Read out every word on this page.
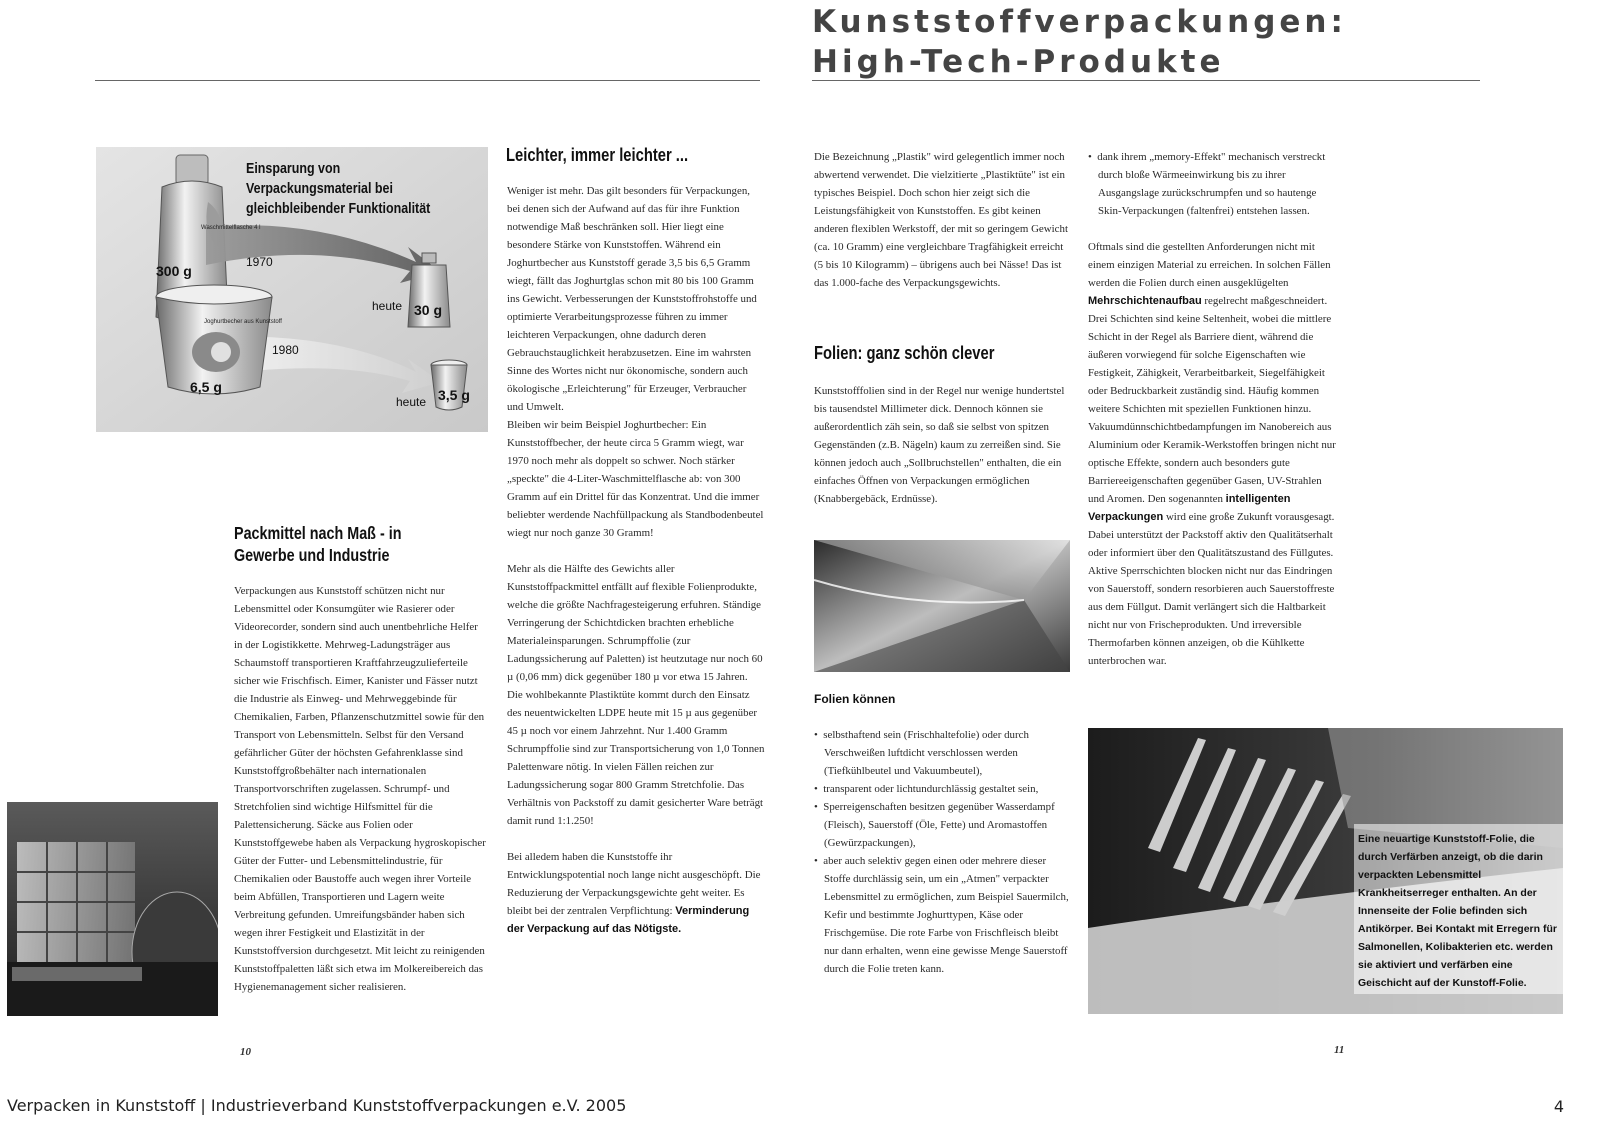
Kunststoffverpackungen:
High-Tech-Produkte
Einsparung von Verpackungsmaterial bei gleichbleibender Funktionalität
Waschmittelflasche 4 l
300 g
1970
heute 30 g
Joghurtbecher aus Kunststoff
1980
6,5 g
heute 3,5 g
Packmittel nach Maß - in Gewerbe und Industrie

Verpackungen aus Kunststoff schützen nicht nur Lebensmittel oder Konsumgüter wie Rasierer oder Videorecorder, sondern sind auch unentbehrliche Helfer in der Logistikkette. Mehrweg-Ladungsträger aus Schaumstoff transportieren Kraftfahrzeugzulieferteile sicher wie Frischfisch. Eimer, Kanister und Fässer nutzt die Industrie als Einweg- und Mehrweggebinde für Chemikalien, Farben, Pflanzenschutzmittel sowie für den Transport von Lebensmitteln. Selbst für den Versand gefährlicher Güter der höchsten Gefahrenklasse sind Kunststoffgroßbehälter nach internationalen Transportvorschriften zugelassen. Schrumpf- und Stretchfolien sind wichtige Hilfsmittel für die Palettensicherung. Säcke aus Folien oder Kunststoffgewebe haben als Verpackung hygroskopischer Güter der Futter- und Lebensmittelindustrie, für Chemikalien oder Baustoffe auch wegen ihrer Vorteile beim Abfüllen, Transportieren und Lagern weite Verbreitung gefunden. Umreifungsbänder haben sich wegen ihrer Festigkeit und Elastizität in der Kunststoffversion durchgesetzt. Mit leicht zu reinigenden Kunststoffpaletten läßt sich etwa im Molkereibereich das Hygienemanagement sicher realisieren.

Leichter, immer leichter ...

Weniger ist mehr. Das gilt besonders für Verpackungen, bei denen sich der Aufwand auf das für ihre Funktion notwendige Maß beschränken soll. Hier liegt eine besondere Stärke von Kunststoffen. Während ein Joghurtbecher aus Kunststoff gerade 3,5 bis 6,5 Gramm wiegt, fällt das Joghurtglas schon mit 80 bis 100 Gramm ins Gewicht. Verbesserungen der Kunststoffrohstoffe und optimierte Verarbeitungsprozesse führen zu immer leichteren Verpackungen, ohne dadurch deren Gebrauchstauglichkeit herabzusetzen. Eine im wahrsten Sinne des Wortes nicht nur ökonomische, sondern auch ökologische „Erleichterung" für Erzeuger, Verbraucher und Umwelt.

Bleiben wir beim Beispiel Joghurtbecher: Ein Kunststoffbecher, der heute circa 5 Gramm wiegt, war 1970 noch mehr als doppelt so schwer. Noch stärker „speckte" die 4-Liter-Waschmittelflasche ab: von 300 Gramm auf ein Drittel für das Konzentrat. Und die immer beliebter werdende Nachfüllpackung als Standbodenbeutel wiegt nur noch ganze 30 Gramm!

Mehr als die Hälfte des Gewichts aller Kunststoffpackmittel entfällt auf flexible Folienprodukte, welche die größte Nachfragesteigerung erfuhren. Ständige Verringerung der Schichtdicken brachten erhebliche Materialeinsparungen. Schrumpffolie (zur Ladungssicherung auf Paletten) ist heutzutage nur noch 60 µ (0,06 mm) dick gegenüber 180 µ vor etwa 15 Jahren. Die wohlbekannte Plastiktüte kommt durch den Einsatz des neuentwickelten LDPE heute mit 15 µ aus gegenüber 45 µ noch vor einem Jahrzehnt. Nur 1.400 Gramm Schrumpffolie sind zur Transportsicherung von 1,0 Tonnen Palettenware nötig. In vielen Fällen reichen zur Ladungssicherung sogar 800 Gramm Stretchfolie. Das Verhältnis von Packstoff zu damit gesicherter Ware beträgt damit rund 1:1.250!

Bei alledem haben die Kunststoffe ihr Entwicklungspotential noch lange nicht ausgeschöpft. Die Reduzierung der Verpackungsgewichte geht weiter. Es bleibt bei der zentralen Verpflichtung: Verminderung der Verpackung auf das Nötigste.

Die Bezeichnung „Plastik" wird gelegentlich immer noch abwertend verwendet. Die vielzitierte „Plastiktüte" ist ein typisches Beispiel. Doch schon hier zeigt sich die Leistungsfähigkeit von Kunststoffen. Es gibt keinen anderen flexiblen Werkstoff, der mit so geringem Gewicht (ca. 10 Gramm) eine vergleichbare Tragfähigkeit erreicht (5 bis 10 Kilogramm) – übrigens auch bei Nässe! Das ist das 1.000-fache des Verpackungsgewichts.

Folien: ganz schön clever

Kunststofffolien sind in der Regel nur wenige hundertstel bis tausendstel Millimeter dick. Dennoch können sie außerordentlich zäh sein, so daß sie selbst von spitzen Gegenständen (z.B. Nägeln) kaum zu zerreißen sind. Sie können jedoch auch „Sollbruchstellen" enthalten, die ein einfaches Öffnen von Verpackungen ermöglichen (Knabbergebäck, Erdnüsse).

Folien können
•  selbsthaftend sein (Frischhaltefolie) oder durch Verschweißen luftdicht verschlossen werden (Tiefkühlbeutel und Vakuumbeutel),
•  transparent oder lichtundurchlässig gestaltet sein,
•  Sperreigenschaften besitzen gegenüber Wasserdampf (Fleisch), Sauerstoff (Öle, Fette) und Aromastoffen (Gewürzpackungen),
•  aber auch selektiv gegen einen oder mehrere dieser Stoffe durchlässig sein, um ein „Atmen" verpackter Lebensmittel zu ermöglichen, zum Beispiel Sauermilch, Kefir und bestimmte Joghurttypen, Käse oder Frischgemüse. Die rote Farbe von Frischfleisch bleibt nur dann erhalten, wenn eine gewisse Menge Sauerstoff durch die Folie treten kann.
•  dank ihrem „memory-Effekt" mechanisch verstreckt durch bloße Wärmeeinwirkung bis zu ihrer Ausgangslage zurückschrumpfen und so hautenge Skin-Verpackungen (faltenfrei) entstehen lassen.

Oftmals sind die gestellten Anforderungen nicht mit einem einzigen Material zu erreichen. In solchen Fällen werden die Folien durch einen ausgeklügelten Mehrschichtenaufbau regelrecht maßgeschneidert. Drei Schichten sind keine Seltenheit, wobei die mittlere Schicht in der Regel als Barriere dient, während die äußeren vorwiegend für solche Eigenschaften wie Festigkeit, Zähigkeit, Verarbeitbarkeit, Siegelfähigkeit oder Bedruckbarkeit zuständig sind. Häufig kommen weitere Schichten mit speziellen Funktionen hinzu. Vakuumdünnschichtbedampfungen im Nanobereich aus Aluminium oder Keramik-Werkstoffen bringen nicht nur optische Effekte, sondern auch besonders gute Barriereeigenschaften gegenüber Gasen, UV-Strahlen und Aromen. Den sogenannten intelligenten Verpackungen wird eine große Zukunft vorausgesagt. Dabei unterstützt der Packstoff aktiv den Qualitätserhalt oder informiert über den Qualitätszustand des Füllgutes. Aktive Sperrschichten blocken nicht nur das Eindringen von Sauerstoff, sondern resorbieren auch Sauerstoffreste aus dem Füllgut. Damit verlängert sich die Haltbarkeit nicht nur von Frischeprodukten. Und irreversible Thermofarben können anzeigen, ob die Kühlkette unterbrochen war.

Eine neuartige Kunststoff-Folie, die durch Verfärben anzeigt, ob die darin verpackten Lebensmittel Krankheitserreger enthalten. An der Innenseite der Folie befinden sich Antikörper. Bei Kontakt mit Erregern für Salmonellen, Kolibakterien etc. werden sie aktiviert und verfärben eine Geischicht auf der Kunstoff-Folie.
10	11
Verpacken in Kunststoff | Industrieverband Kunststoffverpackungen e.V. 2005	4
